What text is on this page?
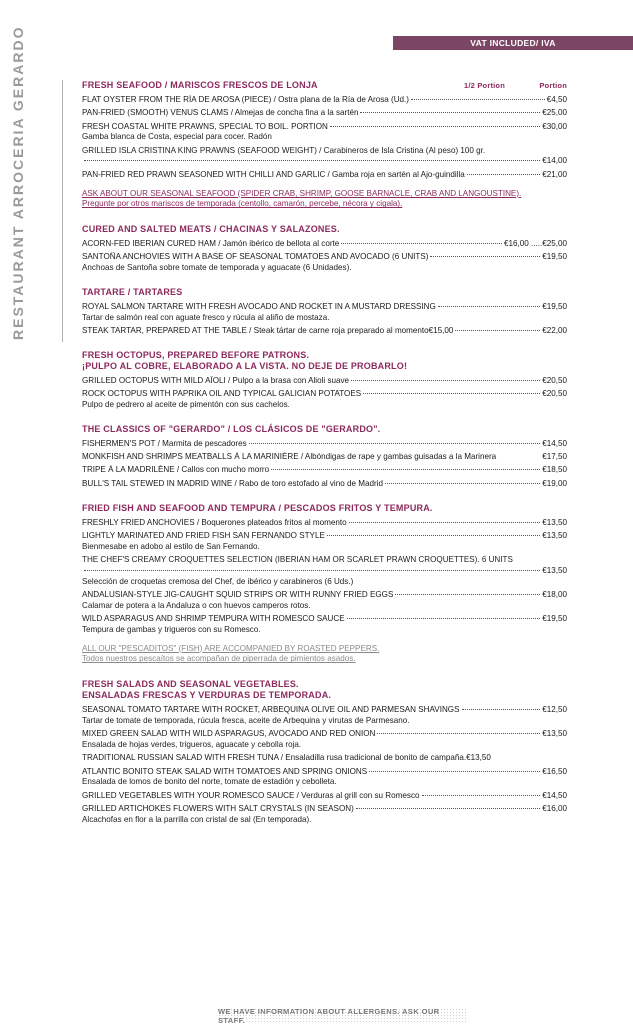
VAT INCLUDED/ IVA
RESTAURANT ARROCERIA GERARDO	FRESH SEAFOOD / MARISCOS FRESCOS DE LONJA	1/2 Portion	Portion
FLAT OYSTER FROM THE RÍA DE AROSA (PIECE) / Ostra plana de la Ría de Arosa (Ud.)	€4,50
PAN-FRIED (SMOOTH) VENUS CLAMS / Almejas de concha fina a la sartén	€25,00
FRESH COASTAL WHITE PRAWNS, SPECIAL TO BOIL. PORTION	€30,00
Gamba blanca de Costa, especial para cocer. Radón
GRILLED ISLA CRISTINA KING PRAWNS (SEAFOOD WEIGHT) / Carabineros de Isla Cristina (Al peso) 100 gr.
€14,00
PAN-FRIED RED PRAWN SEASONED WITH CHILLI AND GARLIC / Gamba roja en sartén al Ajo-guindilla	€21,00
ASK ABOUT OUR SEASONAL SEAFOOD (SPIDER CRAB, SHRIMP, GOOSE BARNACLE, CRAB AND LANGOUSTINE).
Pregunte por otros mariscos de temporada (centollo, camarón, percebe, nécora y cigala).
CURED AND SALTED MEATS / CHACINAS Y SALAZONES.
ACORN-FED IBERIAN CURED HAM / Jamón ibérico de bellota al corte	€16,00 .....€25,00
SANTOÑA ANCHOVIES WITH A BASE OF SEASONAL TOMATOES AND AVOCADO (6 UNITS)	€19,50
Anchoas de Santoña sobre tomate de temporada y aguacate (6 Unidades).
TARTARE / TARTARES
ROYAL SALMON TARTARE WITH FRESH AVOCADO AND ROCKET IN A MUSTARD DRESSING	€19,50
Tartar de salmón real con aguate fresco y rúcula al aliño de mostaza.
STEAK TARTAR, PREPARED AT THE TABLE / Steak tártar de carne roja preparado al momento€15,00	€22,00
FRESH OCTOPUS, PREPARED BEFORE PATRONS.
¡PULPO AL COBRE, ELABORADO A LA VISTA. NO DEJE DE PROBARLO!
GRILLED OCTOPUS WITH MILD AÏOLI / Pulpo a la brasa con Alioli suave	€20,50
ROCK OCTOPUS WITH PAPRIKA OIL AND TYPICAL GALICIAN POTATOES	€20,50
Pulpo de pedrero al aceite de pimentón con sus cachelos.
THE CLASSICS OF "GERARDO" / LOS CLÁSICOS DE "GERARDO".
FISHERMEN'S POT / Marmita de pescadores	€14,50
MONKFISH AND SHRIMPS MEATBALLS Á LA MARINIÈRE / Albóndigas de rape y gambas guisadas a la Marinera	€17,50
TRIPE À LA MADRILÈNE / Callos con mucho morro	€18,50
BULL'S TAIL STEWED IN MADRID WINE / Rabo de toro estofado al vino de Madrid	€19,00
FRIED FISH AND SEAFOOD AND TEMPURA / PESCADOS FRITOS Y TEMPURA.
FRESHLY FRIED ANCHOVIES / Boquerones plateados fritos al momento	€13,50
LIGHTLY MARINATED AND FRIED FISH SAN FERNANDO STYLE	€13,50
Bienmesabe en adobo al estilo de San Fernando.
THE CHEF'S CREAMY CROQUETTES SELECTION (IBERIAN HAM OR SCARLET PRAWN CROQUETTES). 6 UNITS
€13,50
Selección de croquetas cremosa del Chef, de ibérico y carabineros (6 Uds.)
ANDALUSIAN-STYLE JIG-CAUGHT SQUID STRIPS OR WITH RUNNY FRIED EGGS	€18,00
Calamar de potera a la Andaluza o con huevos camperos rotos.
WILD ASPARAGUS AND SHRIMP TEMPURA WITH ROMESCO SAUCE	€19,50
Tempura de gambas y trigueros con su Romesco.
ALL OUR "PESCADITOS" (FISH) ARE ACCOMPANIED BY ROASTED PEPPERS.
Todos nuestros pescaítos se acompañan de piperrada de pimientos asados.
FRESH SALADS AND SEASONAL VEGETABLES.
ENSALADAS FRESCAS Y VERDURAS DE TEMPORADA.
SEASONAL TOMATO TARTARE WITH ROCKET, ARBEQUINA OLIVE OIL AND PARMESAN SHAVINGS	€12,50
Tartar de tomate de temporada, rúcula fresca, aceite de Arbequina y virutas de Parmesano.
MIXED GREEN SALAD WITH WILD ASPARAGUS, AVOCADO AND RED ONION	€13,50
Ensalada de hojas verdes, trigueros, aguacate y cebolla roja.
TRADITIONAL RUSSIAN SALAD WITH FRESH TUNA / Ensaladilla rusa tradicional de bonito de campaña. €13,50
ATLANTIC BONITO STEAK SALAD WITH TOMATOES AND SPRING ONIONS	€16,50
Ensalada de lomos de bonito del norte, tomate de estadión y cebolleta.
GRILLED VEGETABLES WITH YOUR ROMESCO SAUCE / Verduras al grill con su Romesco	€14,50
GRILLED ARTICHOKES FLOWERS WITH SALT CRYSTALS (IN SEASON)	€16,00
Alcachofas en flor a la parrilla con cristal de sal (En temporada).
WE HAVE INFORMATION ABOUT ALLERGENS. ASK OUR STAFF.
